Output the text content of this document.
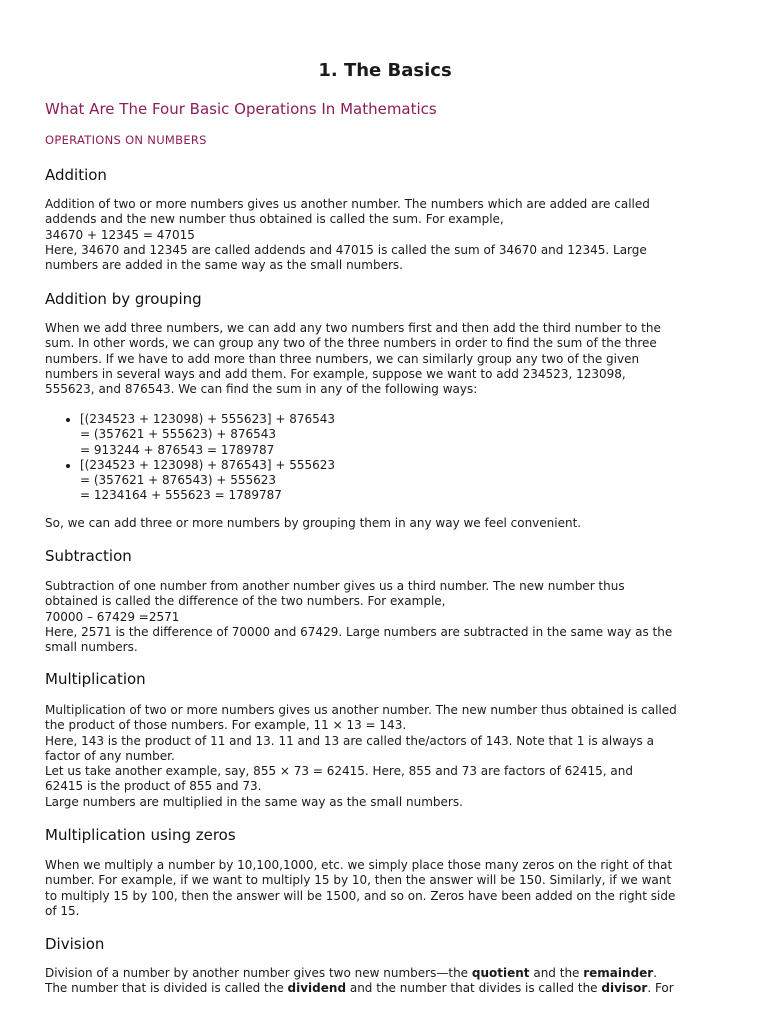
1. The Basics
What Are The Four Basic Operations In Mathematics
OPERATIONS ON NUMBERS
Addition

Addition of two or more numbers gives us another number. The numbers which are added are called
addends and the new number thus obtained is called the sum. For example,
34670 + 12345 = 47015
Here, 34670 and 12345 are called addends and 47015 is called the sum of 34670 and 12345. Large
numbers are added in the same way as the small numbers.

Addition by grouping

When we add three numbers, we can add any two numbers first and then add the third number to the
sum. In other words, we can group any two of the three numbers in order to find the sum of the three
numbers. If we have to add more than three numbers, we can similarly group any two of the given
numbers in several ways and add them. For example, suppose we want to add 234523, 123098,
555623, and 876543. We can find the sum in any of the following ways:

• [(234523 + 123098) + 555623] + 876543
= (357621 + 555623) + 876543
= 913244 + 876543 = 1789787
• [(234523 + 123098) + 876543] + 555623
= (357621 + 876543) + 555623
= 1234164 + 555623 = 1789787

So, we can add three or more numbers by grouping them in any way we feel convenient.

Subtraction

Subtraction of one number from another number gives us a third number. The new number thus
obtained is called the difference of the two numbers. For example,
70000 – 67429 =2571
Here, 2571 is the difference of 70000 and 67429. Large numbers are subtracted in the same way as the
small numbers.

Multiplication

Multiplication of two or more numbers gives us another number. The new number thus obtained is called
the product of those numbers. For example, 11 × 13 = 143.
Here, 143 is the product of 11 and 13. 11 and 13 are called the/actors of 143. Note that 1 is always a
factor of any number.
Let us take another example, say, 855 × 73 = 62415. Here, 855 and 73 are factors of 62415, and
62415 is the product of 855 and 73.
Large numbers are multiplied in the same way as the small numbers.

Multiplication using zeros

When we multiply a number by 10,100,1000, etc. we simply place those many zeros on the right of that
number. For example, if we want to multiply 15 by 10, then the answer will be 150. Similarly, if we want
to multiply 15 by 100, then the answer will be 1500, and so on. Zeros have been added on the right side
of 15.

Division

Division of a number by another number gives two new numbers—the quotient and the remainder.
The number that is divided is called the dividend and the number that divides is called the divisor. For
